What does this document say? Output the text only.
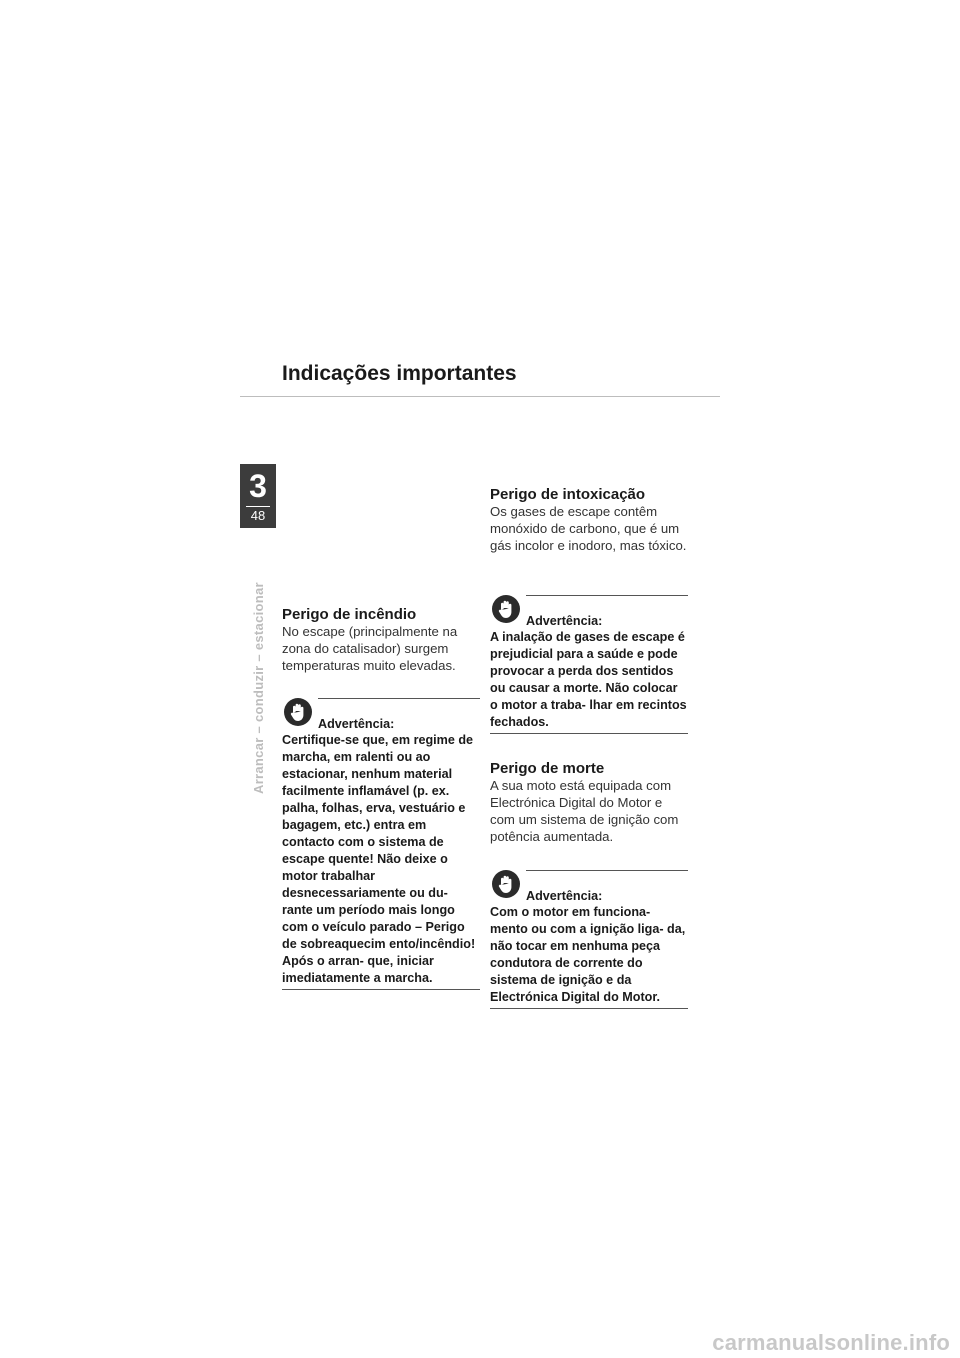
Indicações importantes
3
48
Arrancar – conduzir – estacionar Perigo de incêndio

No escape (principalmente na zona do catalisador) surgem temperaturas muito elevadas.

Advertência:

Certifique-se que, em regime de marcha, em ralenti ou ao estacionar, nenhum material facilmente inflamável (p. ex. palha, folhas, erva, vestuário e bagagem, etc.) entra em contacto com o sistema de escape quente! Não deixe o motor trabalhar desnecessariamente ou du- rante um período mais longo com o veículo parado – Perigo de sobreaquecim ento/incêndio! Após o arran- que, iniciar imediatamente a marcha.

Perigo de intoxicação

Os gases de escape contêm monóxido de carbono, que é um gás incolor e inodoro, mas tóxico.

Advertência:

A inalação de gases de escape é prejudicial para a saúde e pode provocar a perda dos sentidos ou causar a morte. Não colocar o motor a traba- lhar em recintos fechados.

Perigo de morte

A sua moto está equipada com Electrónica Digital do Motor e com um sistema de ignição com potência aumentada.

Advertência:

Com o motor em funciona- mento ou com a ignição liga- da, não tocar em nenhuma peça condutora de corrente do sistema de ignição e da Electrónica Digital do Motor.

carmanualsonline.info
